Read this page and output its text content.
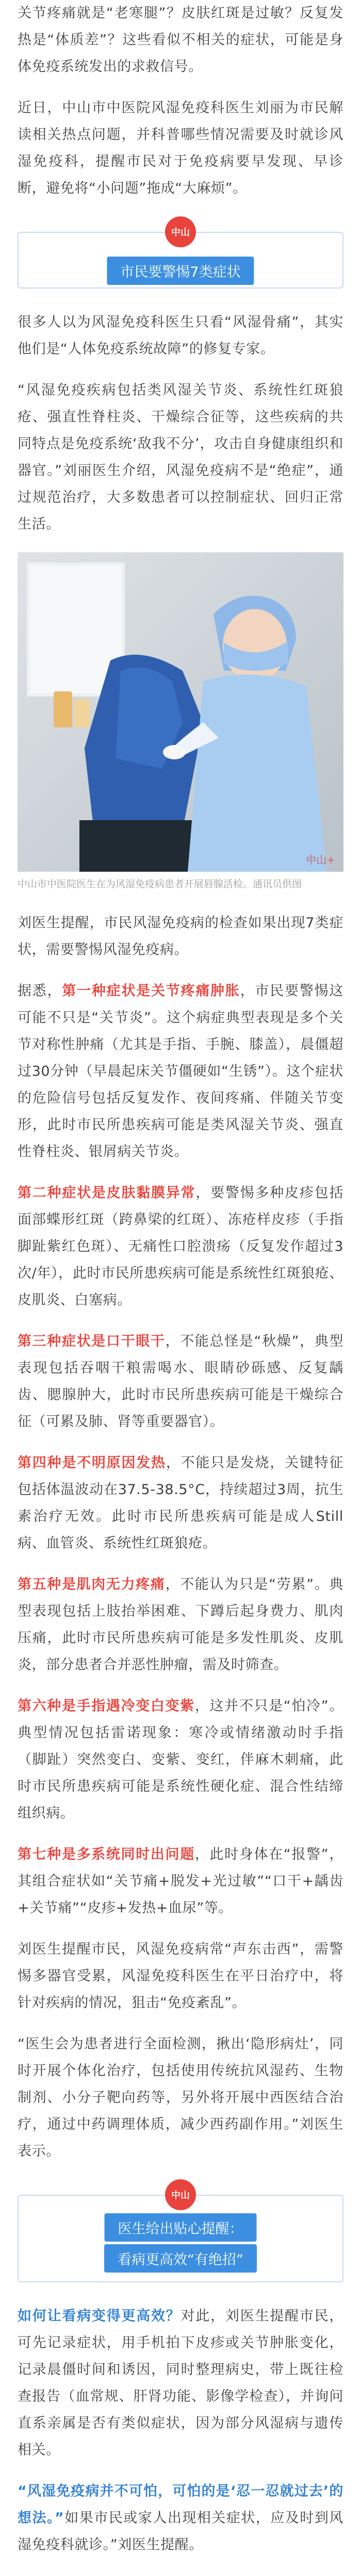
关节疼痛就是“老寒腿”？皮肤红斑是过敏？反复发热是“体质差”？这些看似不相关的症状，可能是身体免疫系统发出的求救信号。

近日，中山市中医院风湿免疫科医生刘丽为市民解读相关热点问题，并科普哪些情况需要及时就诊风湿免疫科，提醒市民对于免疫病要早发现、早诊断，避免将“小问题”拖成“大麻烦”。

中山
市民要警惕7类症状

很多人以为风湿免疫科医生只看“风湿骨痛”，其实他们是“人体免疫系统故障”的修复专家。

“风湿免疫疾病包括类风湿关节炎、系统性红斑狼疮、强直性脊柱炎、干燥综合征等，这些疾病的共同特点是免疫系统‘敌我不分’，攻击自身健康组织和器官。”刘丽医生介绍，风湿免疫病不是“绝症”，通过规范治疗，大多数患者可以控制症状、回归正常生活。

中山+
中山市中医院医生在为风湿免疫病患者开展唇腺活检。通讯员供图

刘医生提醒，市民风湿免疫病的检查如果出现7类症状，需要警惕风湿免疫病。

据悉，第一种症状是关节疼痛肿胀，市民要警惕这可能不只是“关节炎”。这个病症典型表现是多个关节对称性肿痛（尤其是手指、手腕、膝盖），晨僵超过30分钟（早晨起床关节僵硬如“生锈”）。这个症状的危险信号包括反复发作、夜间疼痛、伴随关节变形，此时市民所患疾病可能是类风湿关节炎、强直性脊柱炎、银屑病关节炎。

第二种症状是皮肤黏膜异常，要警惕多种皮疹包括面部蝶形红斑（跨鼻梁的红斑）、冻疮样皮疹（手指脚趾紫红色斑）、无痛性口腔溃疡（反复发作超过3次/年），此时市民所患疾病可能是系统性红斑狼疮、皮肌炎、白塞病。

第三种症状是口干眼干，不能总怪是“秋燥”，典型表现包括吞咽干粮需喝水、眼睛砂砾感、反复龋齿、腮腺肿大，此时市民所患疾病可能是干燥综合征（可累及肺、肾等重要器官）。

第四种是不明原因发热，不能只是发烧，关键特征包括体温波动在37.5-38.5°C，持续超过3周，抗生素治疗无效。此时市民所患疾病可能是成人Still病、血管炎、系统性红斑狼疮。

第五种是肌肉无力疼痛，不能认为只是“劳累”。典型表现包括上肢抬举困难、下蹲后起身费力、肌肉压痛，此时市民所患疾病可能是多发性肌炎、皮肌炎，部分患者合并恶性肿瘤，需及时筛查。

第六种是手指遇冷变白变紫，这并不只是“怕冷”。典型情况包括雷诺现象：寒冷或情绪激动时手指（脚趾）突然变白、变紫、变红，伴麻木刺痛，此时市民所患疾病可能是系统性硬化症、混合性结缔组织病。

第七种是多系统同时出问题，此时身体在“报警”，其组合症状如“关节痛+脱发+光过敏”“口干+龋齿+关节痛”“皮疹+发热+血尿”等。

刘医生提醒市民，风湿免疫病常“声东击西”，需警惕多器官受累，风湿免疫科医生在平日治疗中，将针对疾病的情况，狙击“免疫紊乱”。

“医生会为患者进行全面检测，揪出‘隐形病灶’，同时开展个体化治疗，包括使用传统抗风湿药、生物制剂、小分子靶向药等，另外将开展中西医结合治疗，通过中药调理体质，减少西药副作用。”刘医生表示。

中山
医生给出贴心提醒：
看病更高效“有绝招”

如何让看病变得更高效？对此，刘医生提醒市民，可先记录症状，用手机拍下皮疹或关节肿胀变化，记录晨僵时间和诱因，同时整理病史，带上既往检查报告（血常规、肝肾功能、影像学检查），并询问直系亲属是否有类似症状，因为部分风湿病与遗传相关。

“风湿免疫病并不可怕，可怕的是‘忍一忍就过去’的想法。”如果市民或家人出现相关症状，应及时到风湿免疫科就诊。”刘医生提醒。
